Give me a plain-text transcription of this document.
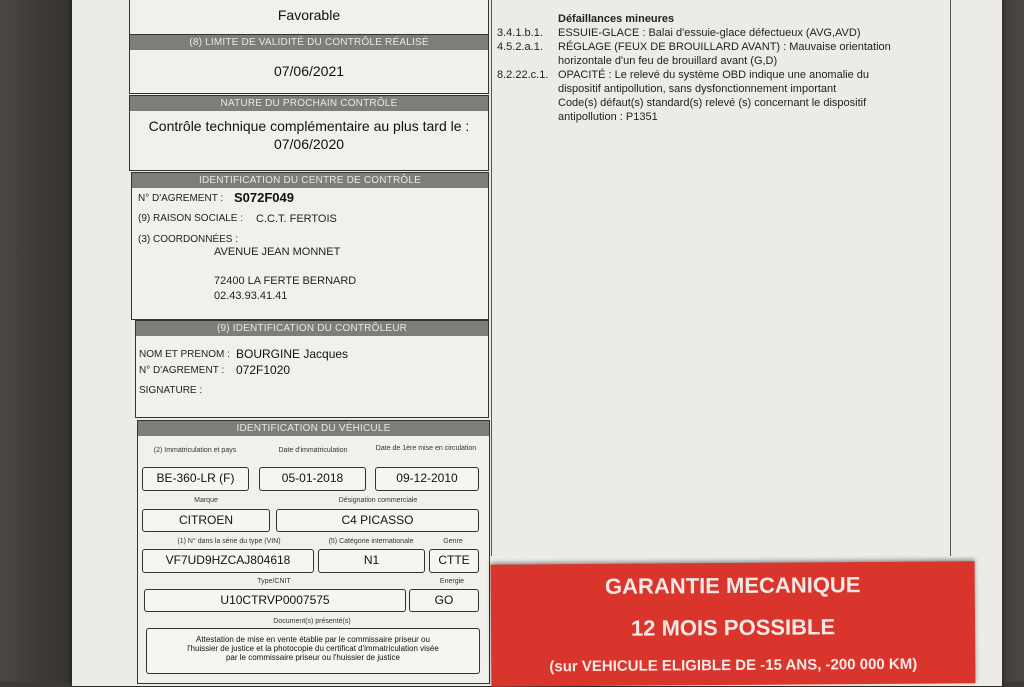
Favorable
(8) LIMITE DE VALIDITÉ DU CONTRÔLE RÉALISÉ
07/06/2021
NATURE DU PROCHAIN CONTRÔLE
Contrôle technique complémentaire au plus tard le :
07/06/2020
IDENTIFICATION DU CENTRE DE CONTRÔLE
N° D'AGREMENT : S072F049
(9) RAISON SOCIALE : C.C.T. FERTOIS
(3) COORDONNÉES :
AVENUE JEAN MONNET
72400 LA FERTE BERNARD
02.43.93.41.41
(9) IDENTIFICATION DU CONTRÔLEUR
NOM ET PRENOM : BOURGINE Jacques
N° D'AGREMENT : 072F1020
SIGNATURE :
IDENTIFICATION DU VÉHICULE
(2) Immatriculation et pays	Date d'immatriculation	Date de 1ère mise en circulation
BE-360-LR (F)	05-01-2018	09-12-2010
Marque	Désignation commerciale
CITROEN	C4 PICASSO
(1) N° dans la série du type (VIN)	(5) Catégorie internationale	Genre
VF7UD9HZCAJ804618	N1	CTTE
Type/CNIT	Energie
U10CTRVP0007575	GO
Document(s) présenté(s)
Attestation de mise en vente établie par le commissaire priseur ou
l'huissier de justice et la photocopie du certificat d'immatriculation visée
par le commissaire priseur ou l'huissier de justice
Défaillances mineures
3.4.1.b.1.	ESSUIE-GLACE : Balai d'essuie-glace défectueux (AVG,AVD)
4.5.2.a.1.	RÉGLAGE (FEUX DE BROUILLARD AVANT) : Mauvaise orientation
horizontale d'un feu de brouillard avant (G,D)
8.2.22.c.1. OPACITÉ : Le relevé du système OBD indique une anomalie du
dispositif antipollution, sans dysfonctionnement important
Code(s) défaut(s) standard(s) relevé (s) concernant le dispositif
antipollution : P1351
GARANTIE MECANIQUE
12 MOIS POSSIBLE
(sur VEHICULE ELIGIBLE DE -15 ANS, -200 000 KM)
